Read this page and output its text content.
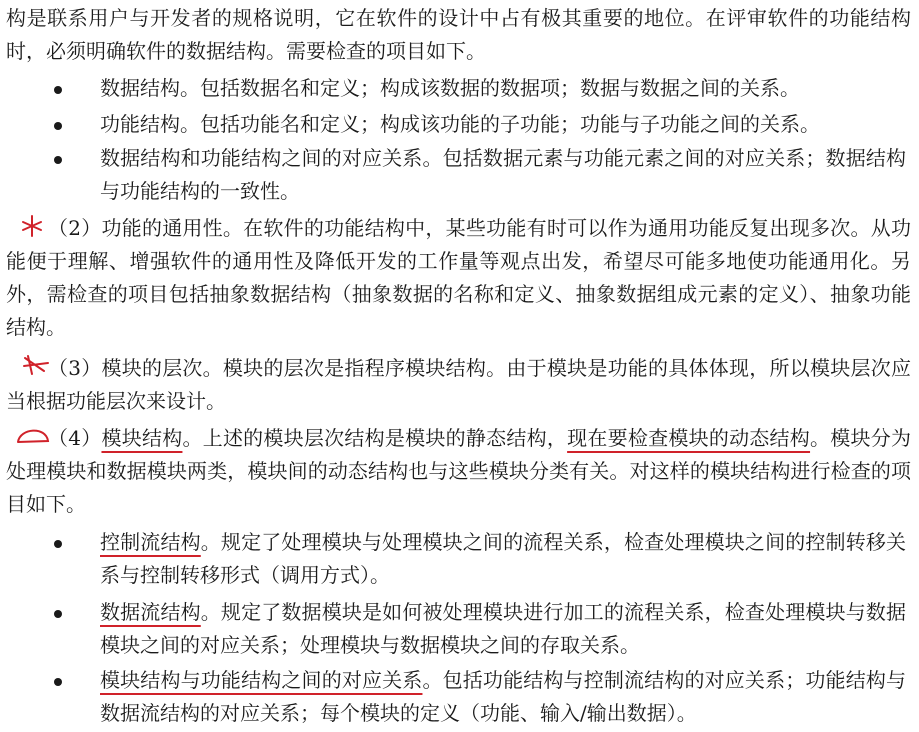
构是联系用户与开发者的规格说明，它在软件的设计中占有极其重要的地位。在评审软件的功能结构时，必须明确软件的数据结构。需要检查的项目如下。

数据结构。包括数据名和定义；构成该数据的数据项；数据与数据之间的关系。

功能结构。包括功能名和定义；构成该功能的子功能；功能与子功能之间的关系。

数据结构和功能结构之间的对应关系。包括数据元素与功能元素之间的对应关系；数据结构与功能结构的一致性。

（2）功能的通用性。在软件的功能结构中，某些功能有时可以作为通用功能反复出现多次。从功能便于理解、增强软件的通用性及降低开发的工作量等观点出发，希望尽可能多地使功能通用化。另外，需检查的项目包括抽象数据结构（抽象数据的名称和定义、抽象数据组成元素的定义）、抽象功能结构。

（3）模块的层次。模块的层次是指程序模块结构。由于模块是功能的具体体现，所以模块层次应当根据功能层次来设计。

（4）模块结构。上述的模块层次结构是模块的静态结构，现在要检查模块的动态结构。模块分为处理模块和数据模块两类，模块间的动态结构也与这些模块分类有关。对这样的模块结构进行检查的项目如下。

控制流结构。规定了处理模块与处理模块之间的流程关系，检查处理模块之间的控制转移关系与控制转移形式（调用方式）。

数据流结构。规定了数据模块是如何被处理模块进行加工的流程关系，检查处理模块与数据模块之间的对应关系；处理模块与数据模块之间的存取关系。

模块结构与功能结构之间的对应关系。包括功能结构与控制流结构的对应关系；功能结构与数据流结构的对应关系；每个模块的定义（功能、输入/输出数据）。
